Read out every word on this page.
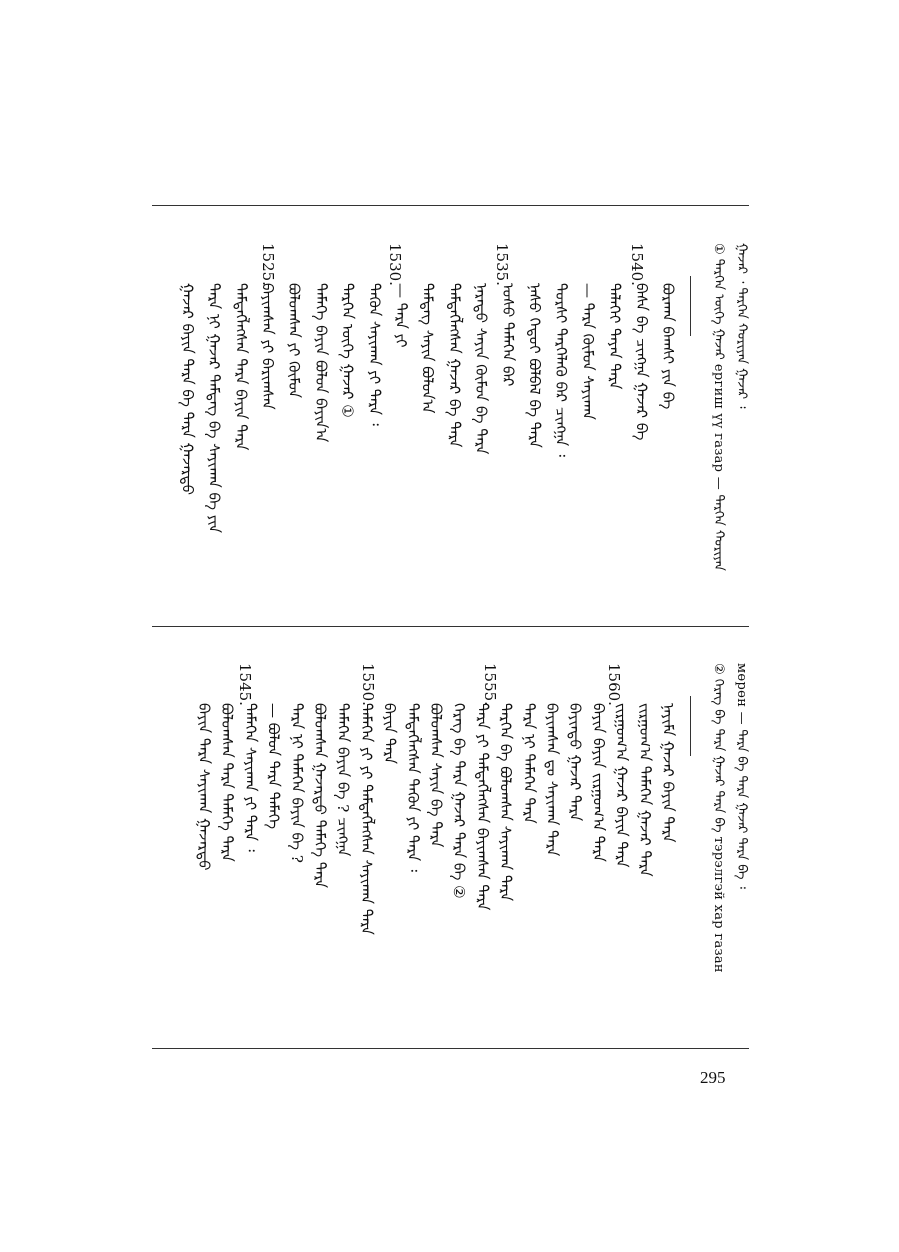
ᠭᠠᠵᠠᠷ ᠂ ᠲᠡᠷᠭᠡᠨ ᠬᠤᠷᠢᠶᠠᠨ ᠭᠠᠵᠠᠷ ᠄
① ᠲᠡᠷᠭᠡᠨ ᠦᠭᠡ ᠭᠠᠵᠠᠷ ергиш үү газар — ᠲᠡᠷᠭᠡᠨ ᠬᠤᠷᠢᠶᠠᠨ
ᠪᠤᠷᠬᠠᠨ ᠪᠠᠭᠰᠢ ᠶᠢᠨ ᠪᠠ
ᠪᠠᠰᠠ ᠪᠠ ᠴᠢᠩᠭᠠ ᠭᠠᠵᠠᠷ ᠪᠠ
ᠳᠡᠯᠡᠬᠡᠢ ᠳᠠᠶᠠᠨ ᠲᠡᠷᠡ
— ᠲᠡᠷᠡ ᠬᠦᠮᠦᠨ ᠰᠠᠶᠢᠬᠠᠨ
ᠲᠤᠷᠰᠢ ᠲᠡᠷᠭᠡᠯᠡᠬᠦ ᠪᠠᠷ ᠴᠢᠩᠭᠠ ᠄
ᠨᠠᠰᠤ ᠬᠡᠳᠦᠢ ᠪᠣᠯᠪᠠᠯ ᠪᠠ ᠲᠡᠷᠡ
ᠤᠰᠤ ᠲᠡᠮᠡᠭᠡᠨ ᠪᠠᠷ
ᠨᠡᠷᠡᠲᠦ ᠰᠠᠶᠢᠨ ᠬᠦᠮᠦᠨ ᠪᠠ ᠲᠡᠷᠡ
ᠲᠡᠮᠳᠡᠭᠯᠡᠭᠰᠡᠨ ᠭᠠᠵᠠᠷ ᠪᠠ ᠲᠡᠷᠡ
ᠲᠡᠮᠳᠡᠭ ᠰᠠᠶᠢᠨ ᠪᠣᠯᠤᠨ᠎ᠠ
— ᠲᠡᠷᠡ ᠶᠢ
ᠲᠡᠭᠦᠨ ᠰᠠᠶᠢᠬᠠᠨ ᠶᠢ ᠲᠡᠷᠡ ᠄
ᠲᠡᠷᠭᠡᠨ ᠦᠭᠡ ᠭᠠᠵᠠᠷ ①
ᠲᠡᠮᠡᠭᠡ ᠪᠠᠶᠢᠨ ᠪᠣᠯᠤᠨ ᠪᠠᠶᠢᠨ᠎ᠠ
ᠪᠣᠯᠤᠭᠰᠠᠨ ᠶᠢ ᠬᠦᠮᠦᠨ
ᠪᠠᠶᠢᠭᠰᠠᠨ ᠶᠢ ᠪᠠᠷᠢᠭᠰᠠᠨ
ᠲᠡᠮᠳᠡᠭᠯᠡᠭᠰᠡᠨ ᠲᠡᠷᠡ ᠪᠠᠶᠢᠨ ᠲᠡᠷᠡ
ᠲᠡᠷᠡ ᠨᠢ ᠭᠠᠵᠠᠷ ᠲᠡᠮᠳᠡᠭ ᠪᠠ ᠰᠠᠶᠢᠬᠠᠨ ᠪᠠ ᠶᠢᠨ
ᠭᠠᠵᠠᠷ ᠪᠠᠶᠢᠨ ᠲᠡᠷᠡ ᠪᠠ ᠲᠡᠷᠡ ᠭᠠᠵᠠᠷᠲᠤ
1540.
1535.
1530.
1525.
мөрөн — ᠲᠡᠷᠡ ᠪᠠ ᠲᠡᠷᠡ ᠭᠠᠵᠠᠷ ᠲᠡᠷᠡ ᠪᠠ ᠄
② ᠬᠡᠷᠡᠭ ᠪᠠ ᠲᠡᠷᠡ ᠭᠠᠵᠠᠷ ᠲᠡᠷᠡ ᠪᠠ тэрэлгэй хар газан
ᠨᠠᠶᠢᠮᠠ ᠭᠠᠵᠠᠷ ᠪᠠᠶᠢᠨ ᠲᠡᠷᠡ
ᠵᠢᠷᠭᠤᠭ᠎ᠠ ᠲᠡᠮᠡᠭᠡᠨ ᠭᠠᠵᠠᠷ ᠲᠡᠷᠡ
ᠵᠢᠷᠭᠤᠭ᠎ᠠ ᠭᠠᠵᠠᠷ ᠪᠠᠶᠢᠨ ᠲᠡᠷᠡ
ᠪᠠᠶᠢᠨ ᠪᠠᠶᠢᠨ ᠵᠢᠷᠭᠤᠭ᠎ᠠ ᠲᠡᠷᠡ
ᠪᠠᠶᠢᠨᠲᠤ ᠭᠠᠵᠠᠷ ᠲᠡᠷᠡ
ᠪᠠᠶᠢᠭᠰᠠᠨ ᠳᠤ ᠰᠠᠶᠢᠬᠠᠨ ᠲᠡᠷᠡ
ᠲᠡᠷᠡ ᠨᠢ ᠲᠡᠮᠡᠭᠡᠨ ᠲᠡᠷᠡ
ᠲᠡᠷᠭᠡᠨ ᠪᠠ ᠪᠣᠯᠤᠭᠰᠠᠨ ᠰᠠᠶᠢᠬᠠᠨ ᠲᠡᠷᠡ
ᠲᠡᠷᠡ ᠶᠢ ᠲᠡᠮᠳᠡᠭᠯᠡᠭᠰᠡᠨ ᠪᠠᠶᠢᠭᠰᠠᠨ ᠲᠡᠷᠡ
ᠬᠡᠷᠡᠭ ᠪᠠ ᠲᠡᠷᠡ ᠭᠠᠵᠠᠷ ᠲᠡᠷᠡ ᠪᠠ ②
ᠪᠣᠯᠤᠭᠰᠠᠨ ᠰᠠᠶᠢᠨ ᠪᠠ ᠲᠡᠷᠡ
ᠲᠡᠮᠳᠡᠭᠯᠡᠭᠰᠡᠨ ᠲᠡᠭᠦᠨ ᠶᠢ ᠲᠡᠷᠡ ᠄
ᠪᠠᠶᠢᠨ ᠲᠡᠷᠡ
ᠲᠡᠮᠡᠭᠡᠨ ᠶᠢ ᠶᠢ ᠲᠡᠮᠳᠡᠭᠯᠡᠭᠰᠡᠨ ᠰᠠᠶᠢᠬᠠᠨ ᠲᠡᠷᠡ
ᠲᠡᠮᠡᠭᠡᠨ ᠪᠠᠶᠢᠨ ᠪᠠ ? ᠴᠢᠩᠭᠠ
ᠪᠣᠯᠤᠭᠰᠠᠨ ᠭᠠᠵᠠᠷᠲᠤ ᠲᠡᠮᠡᠭᠡ ᠲᠡᠷᠡ
ᠲᠡᠷᠡ ᠨᠢ ᠲᠡᠮᠡᠭᠡᠨ ᠪᠠᠶᠢᠨ ᠪᠠ ?
— ᠪᠣᠯᠤᠨ ᠲᠡᠷᠡ ᠲᠡᠮᠡᠭᠡ
ᠲᠡᠮᠡᠭᠡᠨ ᠰᠠᠶᠢᠬᠠᠨ ᠶᠢ ᠲᠡᠷᠡ ᠄
ᠪᠣᠯᠤᠭᠰᠠᠨ ᠲᠡᠷᠡ ᠲᠡᠮᠡᠭᠡ ᠲᠡᠷᠡ
ᠪᠠᠶᠢᠨ ᠲᠡᠷᠡ ᠰᠠᠶᠢᠬᠠᠨ ᠭᠠᠵᠠᠷᠲᠤ
1560.
1555.
1550.
1545.
295
